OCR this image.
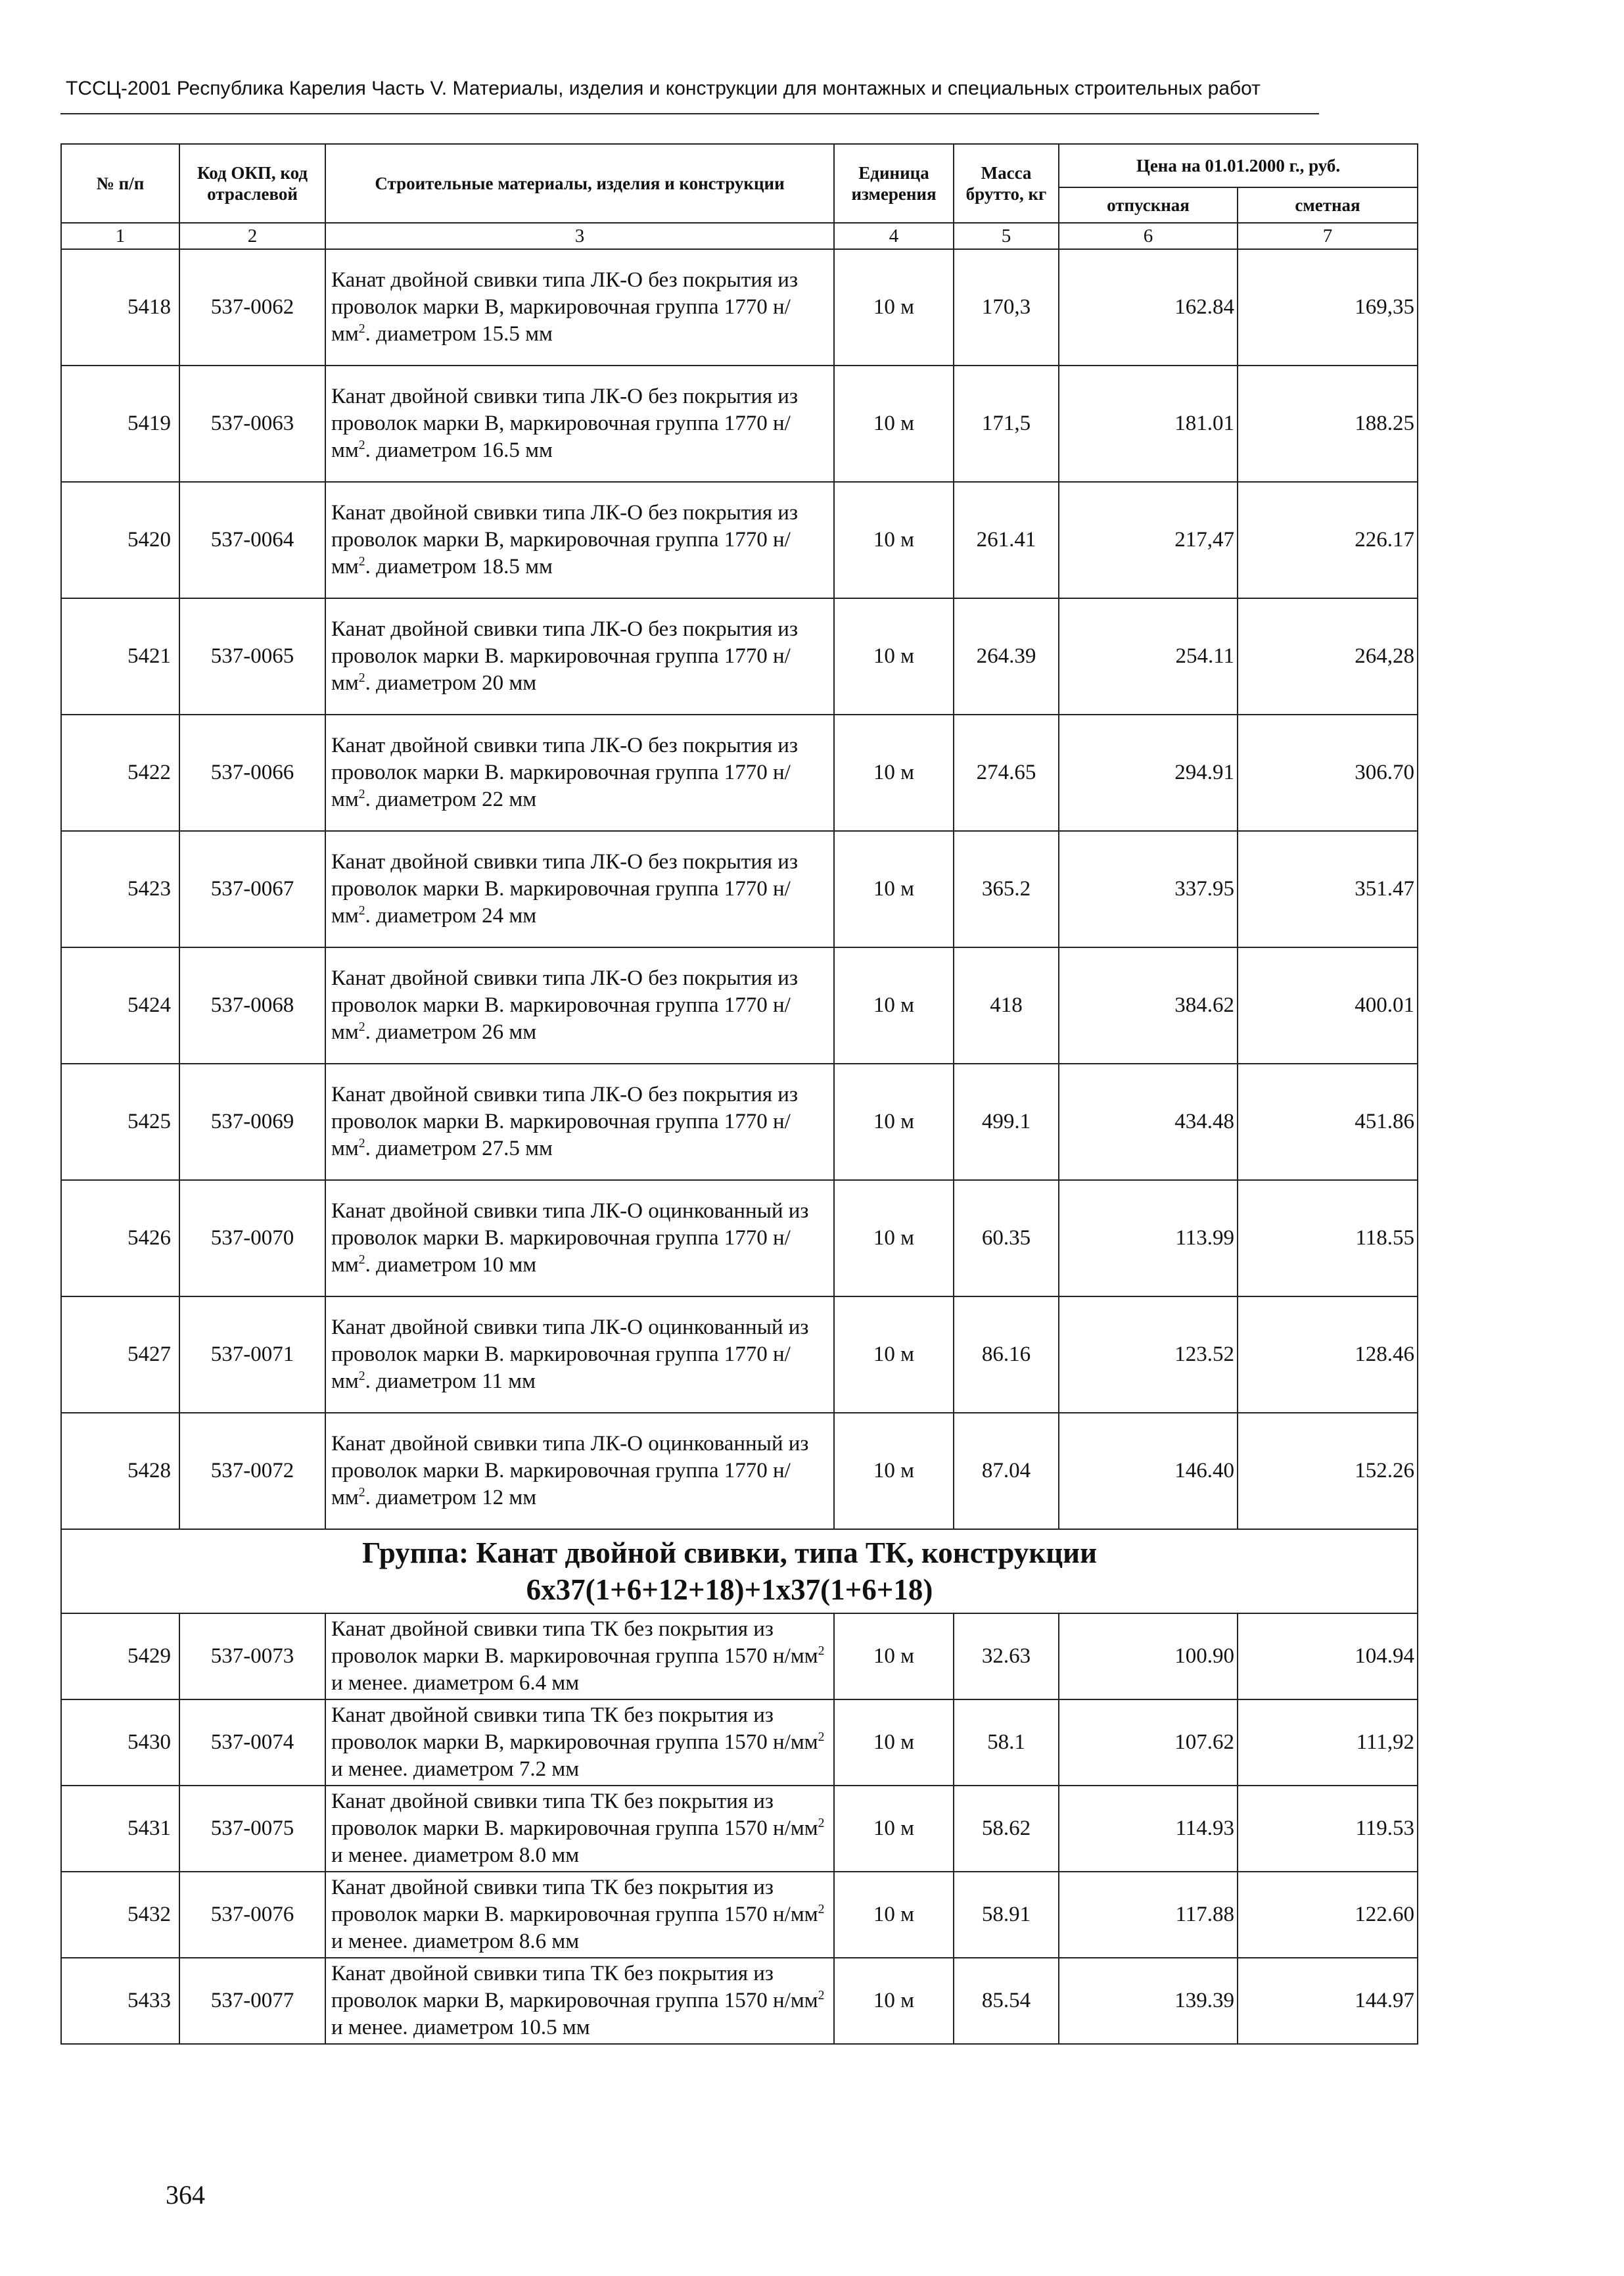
ТССЦ-2001 Республика Карелия Часть V. Материалы, изделия и конструкции для монтажных и специальных строительных работ
№ п/п	Код ОКП, код отраслевой	Строительные материалы, изделия и конструкции	Единица измерения	Масса брутто, кг	Цена на 01.01.2000 г., руб.	
					отпускная	сметная
1	2	3	4	5	6	7
5418	537-0062	Канат двойной свивки типа ЛК-О без покрытия из проволок марки В, маркировочная группа 1770 $н/мм^2$. диаметром 15.5 мм	10 м	170,3	162.84	169,35
5419	537-0063	Канат двойной свивки типа ЛК-О без покрытия из проволок марки В, маркировочная группа 1770 $н/мм^2$. диаметром 16.5 мм	10 м	171,5	181.01	188.25
5420	537-0064	Канат двойной свивки типа ЛК-О без покрытия из проволок марки В, маркировочная группа 1770 $н/мм^2$. диаметром 18.5 мм	10 м	261.41	217,47	226.17
5421	537-0065	Канат двойной свивки типа ЛК-О без покрытия из проволок марки В. маркировочная группа 1770 $н/мм^2$. диаметром 20 мм	10 м	264.39	254.11	264,28
5422	537-0066	Канат двойной свивки типа ЛК-О без покрытия из проволок марки В. маркировочная группа 1770 $н/мм^2$. диаметром 22 мм	10 м	274.65	294.91	306.70
5423	537-0067	Канат двойной свивки типа ЛК-О без покрытия из проволок марки В. маркировочная группа 1770 $н/мм^2$. диаметром 24 мм	10 м	365.2	337.95	351.47
5424	537-0068	Канат двойной свивки типа ЛК-О без покрытия из проволок марки В. маркировочная группа 1770 $н/мм^2$. диаметром 26 мм	10 м	418	384.62	400.01
5425	537-0069	Канат двойной свивки типа ЛК-О без покрытия из проволок марки В. маркировочная группа 1770 $н/мм^2$. диаметром 27.5 мм	10 м	499.1	434.48	451.86
5426	537-0070	Канат двойной свивки типа ЛК-О оцинкованный из проволок марки В. маркировочная группа 1770 $н/мм^2$. диаметром 10 мм	10 м	60.35	113.99	118.55
5427	537-0071	Канат двойной свивки типа ЛК-О оцинкованный из проволок марки В. маркировочная группа 1770 $н/мм^2$. диаметром 11 мм	10 м	86.16	123.52	128.46
5428	537-0072	Канат двойной свивки типа ЛК-О оцинкованный из проволок марки В. маркировочная группа 1770 $н/мм^2$. диаметром 12 мм	10 м	87.04	146.40	152.26
Группа: Канат двойной свивки, типа ТК, конструкции 6х37(1+6+12+18)+1х37(1+6+18)						
5429	537-0073	Канат двойной свивки типа ТК без покрытия из проволок марки В. маркировочная группа 1570 $н/мм^2$ и менее. диаметром 6.4 мм	10 м	32.63	100.90	104.94
5430	537-0074	Канат двойной свивки типа ТК без покрытия из проволок марки В, маркировочная группа 1570 $н/мм^2$ и менее. диаметром 7.2 мм	10 м	58.1	107.62	111,92
5431	537-0075	Канат двойной свивки типа ТК без покрытия из проволок марки В. маркировочная группа 1570 $н/мм^2$ и менее. диаметром 8.0 мм	10 м	58.62	114.93	119.53
5432	537-0076	Канат двойной свивки типа ТК без покрытия из проволок марки В. маркировочная группа 1570 $н/мм^2$ и менее. диаметром 8.6 мм	10 м	58.91	117.88	122.60
5433	537-0077	Канат двойной свивки типа ТК без покрытия из проволок марки В, маркировочная группа 1570 $н/мм^2$ и менее. диаметром 10.5 мм	10 м	85.54	139.39	144.97
364
